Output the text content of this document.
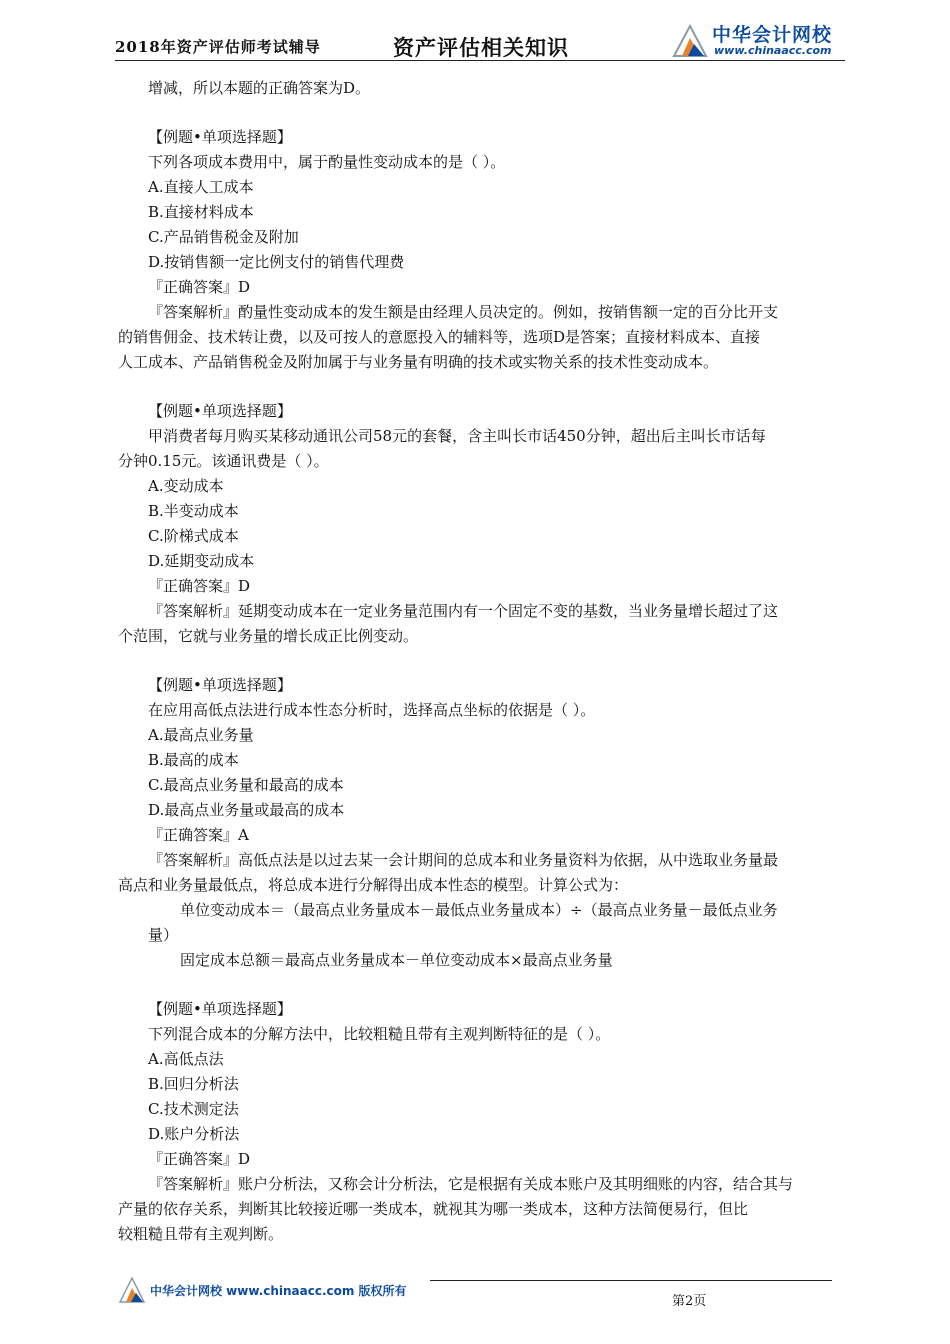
2018年资产评估师考试辅导	资产评估相关知识	中华会计网校
www.chinaacc.com
增减，所以本题的正确答案为D。
【例题•单项选择题】
下列各项成本费用中，属于酌量性变动成本的是（ ）。
A.直接人工成本
B.直接材料成本
C.产品销售税金及附加
D.按销售额一定比例支付的销售代理费
『正确答案』D
『答案解析』酌量性变动成本的发生额是由经理人员决定的。例如，按销售额一定的百分比开支
的销售佣金、技术转让费，以及可按人的意愿投入的辅料等，选项D是答案；直接材料成本、直接
人工成本、产品销售税金及附加属于与业务量有明确的技术或实物关系的技术性变动成本。
【例题•单项选择题】
甲消费者每月购买某移动通讯公司58元的套餐，含主叫长市话450分钟，超出后主叫长市话每
分钟0.15元。该通讯费是（ ）。
A.变动成本
B.半变动成本
C.阶梯式成本
D.延期变动成本
『正确答案』D
『答案解析』延期变动成本在一定业务量范围内有一个固定不变的基数，当业务量增长超过了这
个范围，它就与业务量的增长成正比例变动。
【例题•单项选择题】
在应用高低点法进行成本性态分析时，选择高点坐标的依据是（ ）。
A.最高点业务量
B.最高的成本
C.最高点业务量和最高的成本
D.最高点业务量或最高的成本
『正确答案』A
『答案解析』高低点法是以过去某一会计期间的总成本和业务量资料为依据，从中选取业务量最
高点和业务量最低点，将总成本进行分解得出成本性态的模型。计算公式为：
单位变动成本＝（最高点业务量成本－最低点业务量成本）÷（最高点业务量－最低点业务
量）
固定成本总额＝最高点业务量成本－单位变动成本×最高点业务量
【例题•单项选择题】
下列混合成本的分解方法中，比较粗糙且带有主观判断特征的是（ ）。
A.高低点法
B.回归分析法
C.技术测定法
D.账户分析法
『正确答案』D
『答案解析』账户分析法，又称会计分析法，它是根据有关成本账户及其明细账的内容，结合其与
产量的依存关系，判断其比较接近哪一类成本，就视其为哪一类成本，这种方法简便易行，但比
较粗糙且带有主观判断。
中华会计网校 www.chinaacc.com 版权所有
第2页
